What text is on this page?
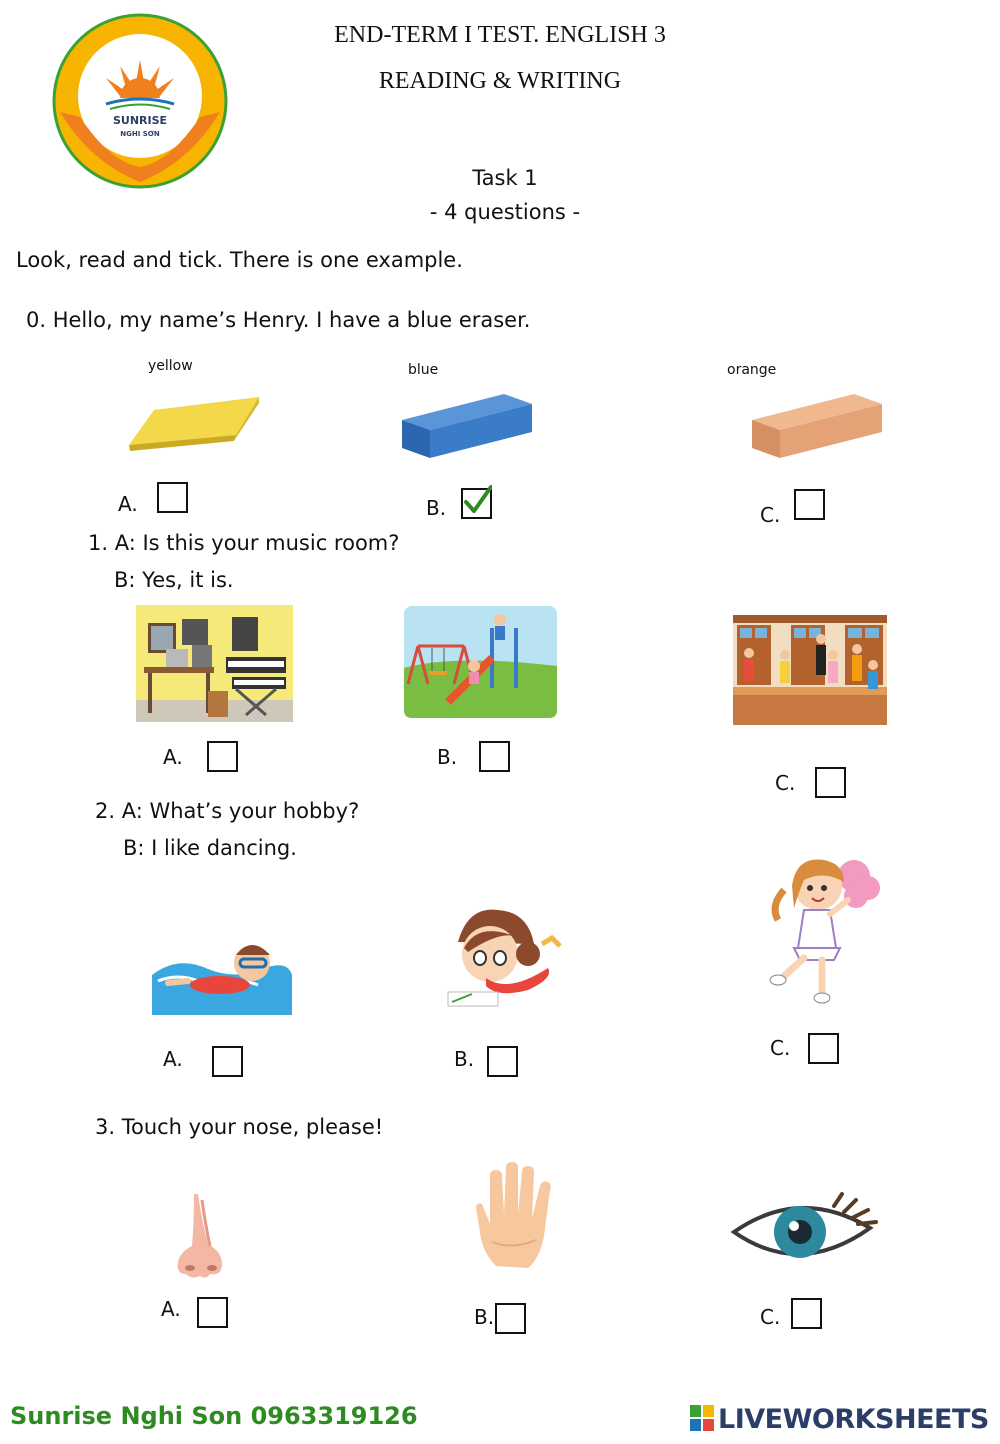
SUNRISE
NGHI SƠN
END-TERM I TEST. ENGLISH 3
READING & WRITING
Task 1
- 4 questions -
Look, read and tick. There is one example.
0. Hello, my name’s Henry. I have a blue eraser.
yellow	blue	orange
A.	B.	C.
1. A: Is this your music room?
B: Yes, it is.
A.	B.
C.
2. A: What’s your hobby?
B: I like dancing.
A.	B.	C.
3. Touch your nose, please!
A.	B.	C.
Sunrise Nghi Son 0963319126	LIVEWORKSHEETS
